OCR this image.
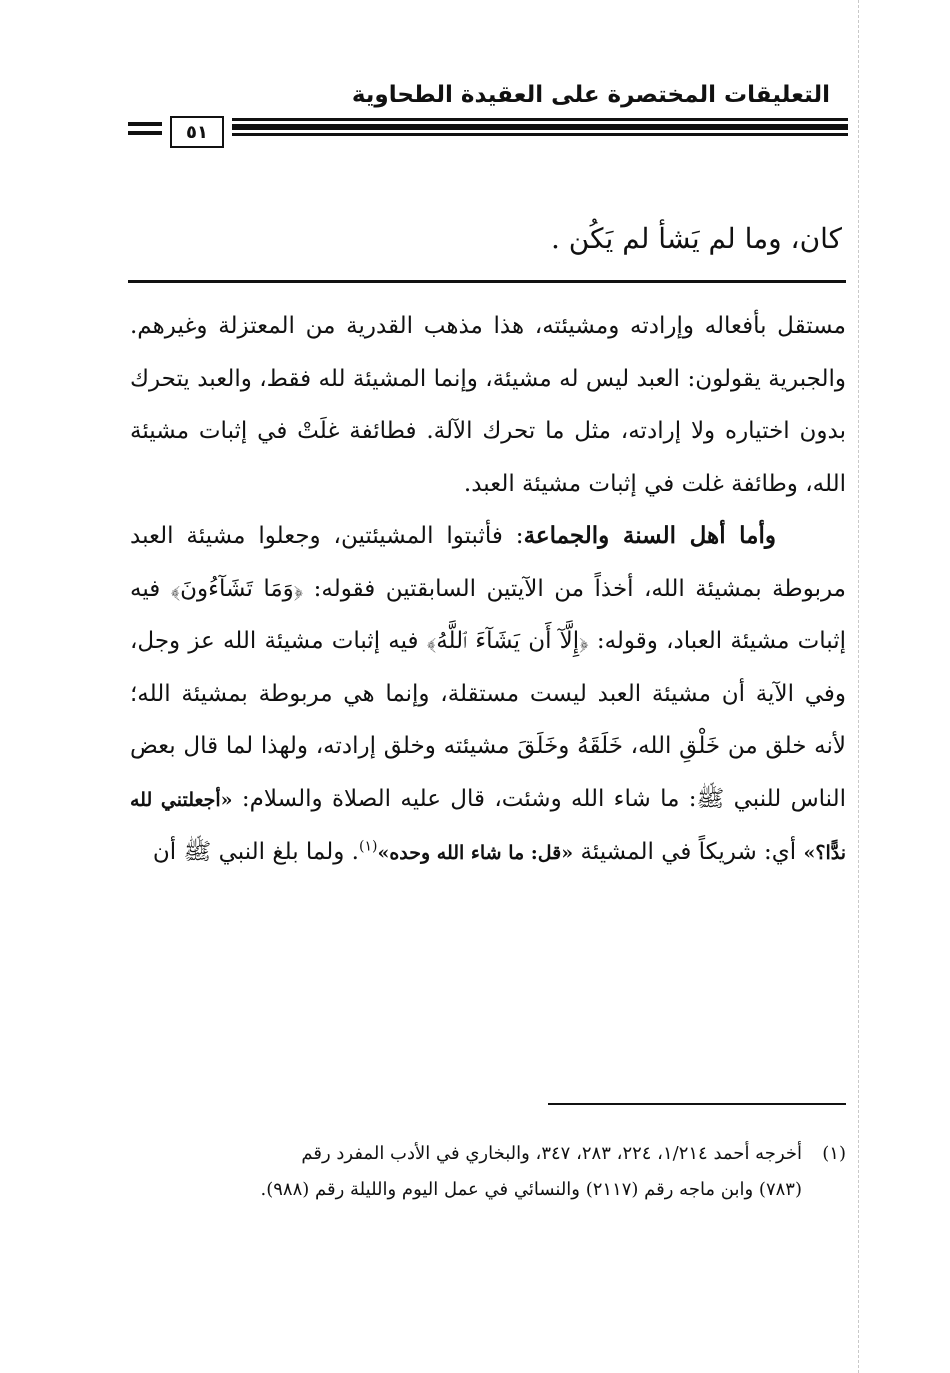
التعليقات المختصرة على العقيدة الطحاوية
٥١
كان، وما لم يَشأ لم يَكُن .

مستقل بأفعاله وإرادته ومشيئته، هذا مذهب القدرية من المعتزلة وغيرهم. والجبرية يقولون: العبد ليس له مشيئة، وإنما المشيئة لله فقط، والعبد يتحرك بدون اختياره ولا إرادته، مثل ما تحرك الآلة. فطائفة غلَتْ في إثبات مشيئة الله، وطائفة غلت في إثبات مشيئة العبد.

وأما أهل السنة والجماعة: فأثبتوا المشيئتين، وجعلوا مشيئة العبد مربوطة بمشيئة الله، أخذاً من الآيتين السابقتين فقوله: ﴿وَمَا تَشَآءُونَ﴾ فيه إثبات مشيئة العباد، وقوله: ﴿إِلَّآ أَن يَشَآءَ ٱللَّهُ﴾ فيه إثبات مشيئة الله عز وجل، وفي الآية أن مشيئة العبد ليست مستقلة، وإنما هي مربوطة بمشيئة الله؛ لأنه خلق من خَلْقِ الله، خَلَقَهُ وخَلَقَ مشيئته وخلق إرادته، ولهذا لما قال بعض الناس للنبي ﷺ: ما شاء الله وشئت، قال عليه الصلاة والسلام: «أجعلتني لله ندًّا؟» أي: شريكاً في المشيئة «قل: ما شاء الله وحده»$^{(١)}$. ولما بلغ النبي ﷺ أن

(١)أخرجه أحمد ١/٢١٤، ٢٢٤، ٢٨٣، ٣٤٧، والبخاري في الأدب المفرد رقم
(٧٨٣) وابن ماجه رقم (٢١١٧) والنسائي في عمل اليوم والليلة رقم (٩٨٨).
